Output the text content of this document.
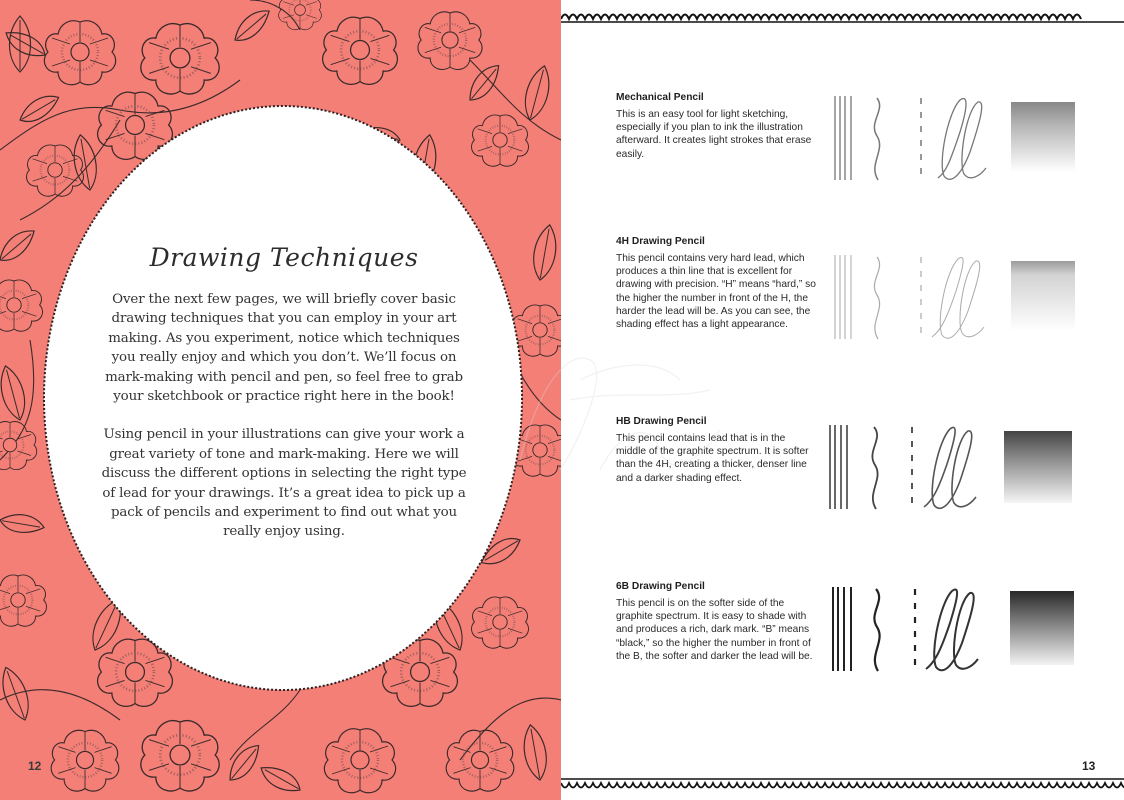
Drawing Techniques

Over the next few pages, we will briefly cover basic drawing techniques that you can employ in your art making. As you experiment, notice which techniques you really enjoy and which you don’t. We’ll focus on mark-making with pencil and pen, so feel free to grab your sketchbook or practice right here in the book!

Using pencil in your illustrations can give your work a great variety of tone and mark-making. Here we will discuss the different options in selecting the right type of lead for your drawings. It’s a great idea to pick up a pack of pencils and experiment to find out what you really enjoy using.

12
Mechanical Pencil
This is an easy tool for light sketching, especially if you plan to ink the illustration afterward. It creates light strokes that erase easily.
4H Drawing Pencil
This pencil contains very hard lead, which produces a thin line that is excellent for drawing with precision. “H” means “hard,” so the higher the number in front of the H, the harder the lead will be. As you can see, the shading effect has a light appearance.
HB Drawing Pencil
This pencil contains lead that is in the middle of the graphite spectrum. It is softer than the 4H, creating a thicker, denser line and a darker shading effect.
6B Drawing Pencil
This pencil is on the softer side of the graphite spectrum. It is easy to shade with and produces a rich, dark mark. “B” means “black,” so the higher the number in front of the B, the softer and darker the lead will be.
13
